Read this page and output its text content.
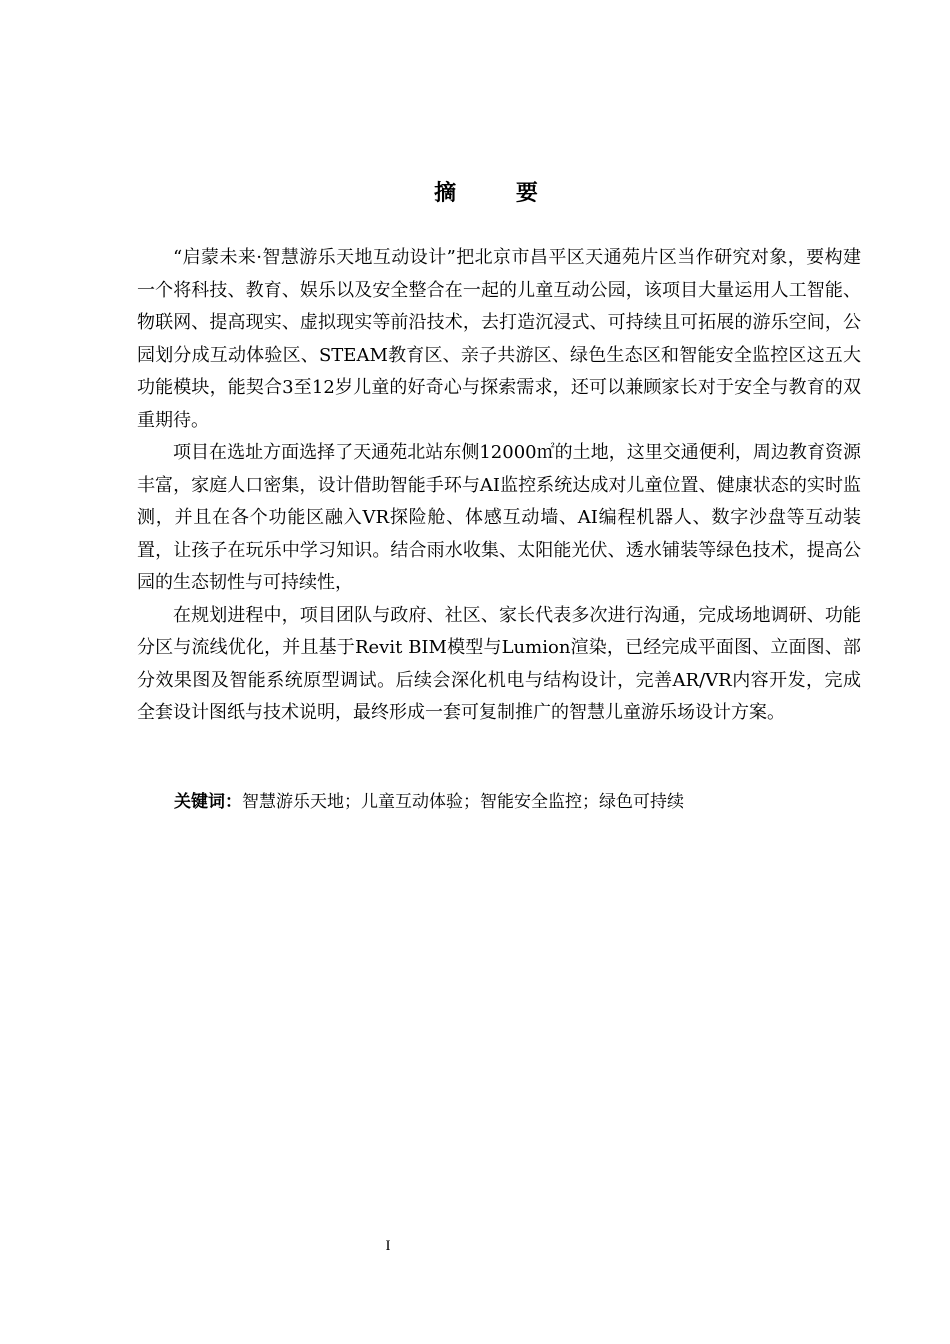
摘 要

“启蒙未来·智慧游乐天地互动设计”把北京市昌平区天通苑片区当作研究对象，要构建一个将科技、教育、娱乐以及安全整合在一起的儿童互动公园，该项目大量运用人工智能、物联网、提高现实、虚拟现实等前沿技术，去打造沉浸式、可持续且可拓展的游乐空间，公园划分成互动体验区、STEAM教育区、亲子共游区、绿色生态区和智能安全监控区这五大功能模块，能契合3至12岁儿童的好奇心与探索需求，还可以兼顾家长对于安全与教育的双重期待。

项目在选址方面选择了天通苑北站东侧12000㎡的土地，这里交通便利，周边教育资源丰富，家庭人口密集，设计借助智能手环与AI监控系统达成对儿童位置、健康状态的实时监测，并且在各个功能区融入VR探险舱、体感互动墙、AI编程机器人、数字沙盘等互动装置，让孩子在玩乐中学习知识。结合雨水收集、太阳能光伏、透水铺装等绿色技术，提高公园的生态韧性与可持续性，

在规划进程中，项目团队与政府、社区、家长代表多次进行沟通，完成场地调研、功能分区与流线优化，并且基于Revit BIM模型与Lumion渲染，已经完成平面图、立面图、部分效果图及智能系统原型调试。后续会深化机电与结构设计，完善AR/VR内容开发，完成全套设计图纸与技术说明，最终形成一套可复制推广的智慧儿童游乐场设计方案。

关键词：智慧游乐天地；儿童互动体验；智能安全监控；绿色可持续
I
